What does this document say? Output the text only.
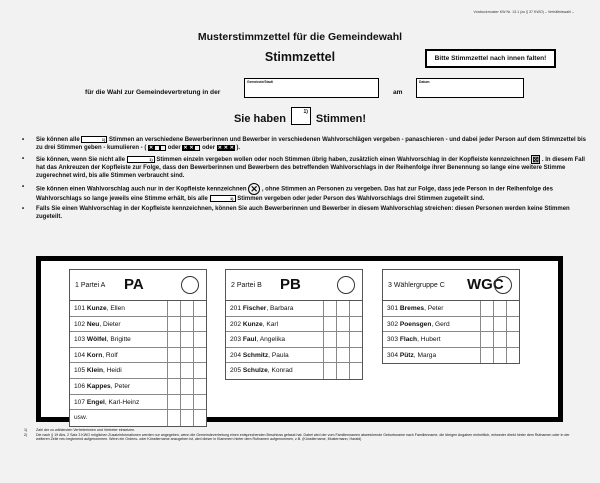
Vordruckmuster KW Nr. 13.1 (zu § 37 KWO) – Verhältniswahl –
Musterstimmzettel für die Gemeindewahl
Stimmzettel	Bitte Stimmzettel nach innen falten!
für die Wahl zur Gemeindevertretung in der
Gemeinde/Stadt
am
Datum
Sie haben
1)
Stimmen!
•	Sie können alle	1) Stimmen an verschiedene Bewerberinnen und Bewerber in verschiedenen Wahlvorschlägen vergeben - panaschieren - und dabei jeder Person auf dem Stimmzettel bis zu drei Stimmen geben - kumulieren - ( ✕ oder ✕ ✕ oder ✕ ✕ ✕ ).
•	Sie können, wenn Sie nicht alle	1) Stimmen einzeln vergeben wollen oder noch Stimmen übrig haben, zusätzlich einen Wahlvorschlag in der Kopfleiste kennzeichnen ⊠ . In diesem Fall hat das Ankreuzen der Kopfleiste zur Folge, dass den Bewerberinnen und Bewerbern des betreffenden Wahlvorschlags in der Reihenfolge ihrer Benennung so lange eine weitere Stimme zugerechnet wird, bis alle Stimmen verbraucht sind.
•	Sie können einen Wahlvorschlag auch nur in der Kopfleiste kennzeichnen ✕ , ohne Stimmen an Personen zu vergeben. Das hat zur Folge, dass jede Person in der Reihenfolge des Wahlvorschlags so lange jeweils eine Stimme erhält, bis alle	1) Stimmen vergeben oder jeder Person des Wahlvorschlags drei Stimmen zugeteilt sind.
•	Falls Sie einen Wahlvorschlag in der Kopfleiste kennzeichnen, können Sie auch Bewerberinnen und Bewerber in diesem Wahlvorschlag streichen: diesen Personen werden keine Stimmen zugeteilt.
1 Partei A PA
101 Kunze, Ellen
102 Neu, Dieter
103 Wölfel, Brigitte
104 Korn, Rolf
105 Klein, Heidi
106 Kappes, Peter
107 Engel, Karl-Heinz
usw.
2 Partei B PB
201 Fischer, Barbara
202 Kunze, Karl
203 Faul, Angelika
204 Schmitz, Paula
205 Schulze, Konrad
3 Wählergruppe C WGC
301 Bremes, Peter
302 Poensgen, Gerd
303 Flach, Hubert
304 Pütz, Marga
1)	Zahl der zu wählenden Vertreterinnen und Vertreter einsetzen.
2)	Die nach § 19 Abs. 2 Satz 3 KWO möglichen Zusatzinformationen werden nur angegeben, wenn die Gemeindevertretung einen entsprechenden Beschluss gefasst hat. Dabei wird der vom Familiennamen abweichende Geburtsname nach Familienname, die übrigen Angaben einheitlich, entweder direkt hinter dem Rufnamen oder in der weiteren Zeile neu beginnend aufgenommen. Wenn ein Ordens- oder Künstlername anzugeben ist, wird dieser in Klammern hinter dem Rufnamen aufgenommen, z.B. (Künstlername, Mustermann, Harald)
